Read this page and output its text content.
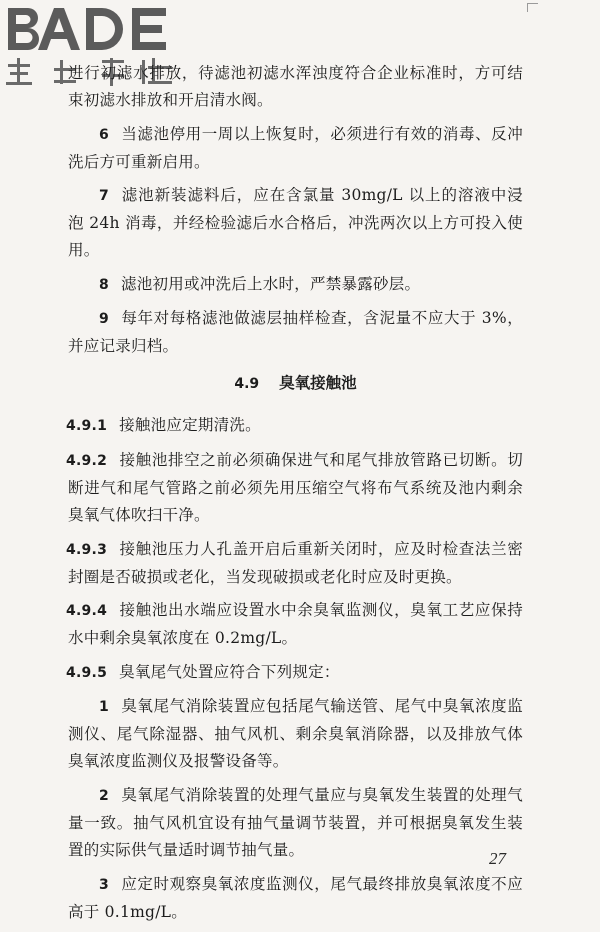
进行初滤水排放，待滤池初滤水浑浊度符合企业标准时，方可结束初滤水排放和开启清水阀。

6 当滤池停用一周以上恢复时，必须进行有效的消毒、反冲洗后方可重新启用。

7 滤池新装滤料后，应在含氯量 30mg/L 以上的溶液中浸泡 24h 消毒，并经检验滤后水合格后，冲洗两次以上方可投入使用。

8 滤池初用或冲洗后上水时，严禁暴露砂层。

9 每年对每格滤池做滤层抽样检查，含泥量不应大于 3%，并应记录归档。

4.9 臭氧接触池

4.9.1 接触池应定期清洗。

4.9.2 接触池排空之前必须确保进气和尾气排放管路已切断。切断进气和尾气管路之前必须先用压缩空气将布气系统及池内剩余臭氧气体吹扫干净。

4.9.3 接触池压力人孔盖开启后重新关闭时，应及时检查法兰密封圈是否破损或老化，当发现破损或老化时应及时更换。

4.9.4 接触池出水端应设置水中余臭氧监测仪，臭氧工艺应保持水中剩余臭氧浓度在 0.2mg/L。

4.9.5 臭氧尾气处置应符合下列规定：

1 臭氧尾气消除装置应包括尾气输送管、尾气中臭氧浓度监测仪、尾气除湿器、抽气风机、剩余臭氧消除器，以及排放气体臭氧浓度监测仪及报警设备等。

2 臭氧尾气消除装置的处理气量应与臭氧发生装置的处理气量一致。抽气风机宜设有抽气量调节装置，并可根据臭氧发生装置的实际供气量适时调节抽气量。

3 应定时观察臭氧浓度监测仪，尾气最终排放臭氧浓度不应高于 0.1mg/L。

27
